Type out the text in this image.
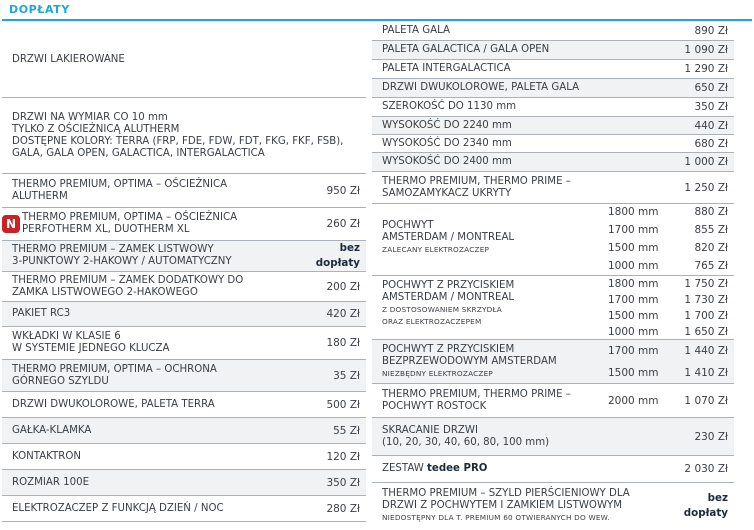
DOPŁATY
DRZWI LAKIEROWANE
DRZWI NA WYMIAR CO 10 mm
TYLKO Z OŚCIEŻNICĄ ALUTHERM
DOSTĘPNE KOLORY: TERRA (FRP, FDE, FDW, FDT, FKG, FKF, FSB),
GALA, GALA OPEN, GALACTICA, INTERGALACTICA
THERMO PREMIUM, OPTIMA – OŚCIEŻNICA
ALUTHERM	950 Zł
N THERMO PREMIUM, OPTIMA – OŚCIEŻNICA
PERFOTHERM XL, DUOTHERM XL	260 Zł
THERMO PREMIUM – ZAMEK LISTWOWY
3-PUNKTOWY 2-HAKOWY / AUTOMATYCZNY
bez
dopłaty
THERMO PREMIUM – ZAMEK DODATKOWY DO
ZAMKA LISTWOWEGO 2-HAKOWEGO	200 Zł
PAKIET RC3	420 Zł
WKŁADKI W KLASIE 6
W SYSTEMIE JEDNEGO KLUCZA	180 Zł
THERMO PREMIUM, OPTIMA – OCHRONA
GÓRNEGO SZYLDU	35 Zł
DRZWI DWUKOLOROWE, PALETA TERRA	500 Zł
GAŁKA-KLAMKA	55 Zł
KONTAKTRON	120 Zł
ROZMIAR 100E	350 Zł
ELEKTROZACZEP Z FUNKCJĄ DZIEŃ / NOC	280 Zł
PALETA GALA	890 Zł
PALETA GALACTICA / GALA OPEN	1 090 Zł
PALETA INTERGALACTICA	1 290 Zł
DRZWI DWUKOLOROWE, PALETA GALA	650 Zł
SZEROKOŚĆ DO 1130 mm	350 Zł
WYSOKOŚĆ DO 2240 mm	440 Zł
WYSOKOŚĆ DO 2340 mm	680 Zł
WYSOKOŚĆ DO 2400 mm	1 000 Zł
THERMO PREMIUM, THERMO PRIME –
SAMOZAMYKACZ UKRYTY	1 250 Zł
POCHWYT
AMSTERDAM / MONTREAL
ZALECANY ELEKTROZACZEP
1800 mm	880 Zł
1700 mm	855 Zł
1500 mm	820 Zł
1000 mm	765 Zł
POCHWYT Z PRZYCISKIEM
AMSTERDAM / MONTREAL
Z DOSTOSOWANIEM SKRZYDŁA
ORAZ ELEKTROZACZEPEM
1800 mm	1 750 Zł
1700 mm	1 730 Zł
1500 mm	1 700 Zł
1000 mm	1 650 Zł
POCHWYT Z PRZYCISKIEM
BEZPRZEWODOWYM AMSTERDAM
NIEZBĘDNY ELEKTROZACZEP
1700 mm	1 440 Zł
1500 mm	1 410 Zł
THERMO PREMIUM, THERMO PRIME –
POCHWYT ROSTOCK	2000 mm	1 070 Zł
SKRACANIE DRZWI
(10, 20, 30, 40, 60, 80, 100 mm)	230 Zł
ZESTAW tedee PRO	2 030 Zł
THERMO PREMIUM – SZYLD PIERŚCIENIOWY DLA
DRZWI Z POCHWYTEM I ZAMKIEM LISTWOWYM
NIEDOSTĘPNY DLA T. PREMIUM 60 OTWIERANYCH DO WEW.
bez
dopłaty
